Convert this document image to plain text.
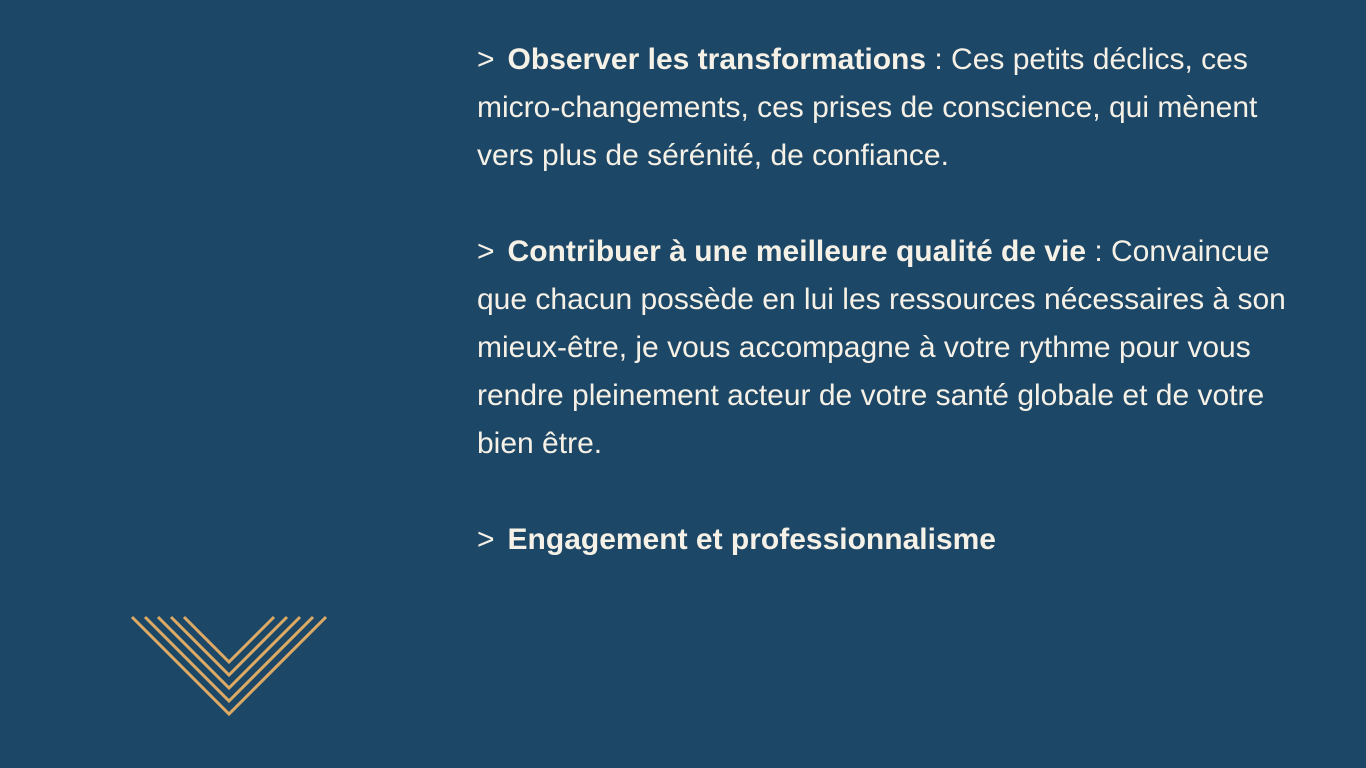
> Observer les transformations : Ces petits déclics, ces
micro-changements, ces prises de conscience, qui mènent
vers plus de sérénité, de confiance.
> Contribuer à une meilleure qualité de vie : Convaincue
que chacun possède en lui les ressources nécessaires à son
mieux-être, je vous accompagne à votre rythme pour vous
rendre pleinement acteur de votre santé globale et de votre
bien être.
> Engagement et professionnalisme
